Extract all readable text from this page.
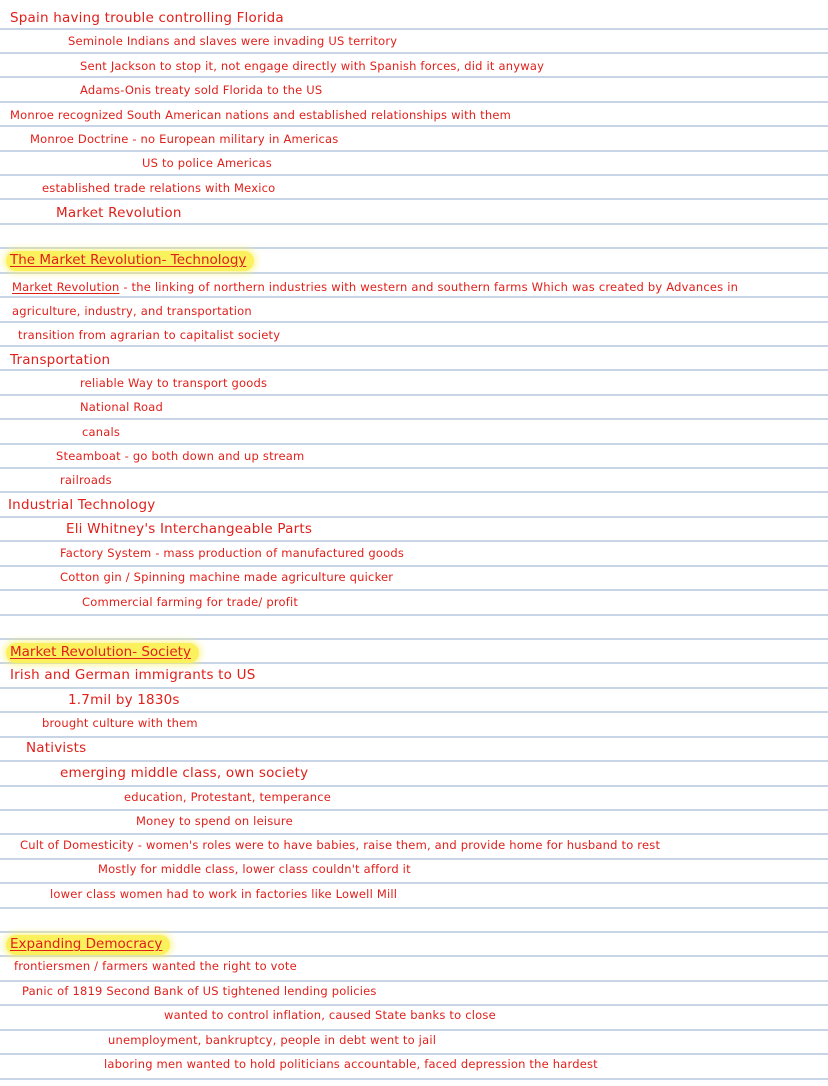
Spain having trouble controlling Florida
Seminole Indians and slaves were invading US territory
Sent Jackson to stop it, not engage directly with Spanish forces, did it anyway
Adams-Onis treaty sold Florida to the US
Monroe recognized South American nations and established relationships with them
Monroe Doctrine - no European military in Americas
US to police Americas
established trade relations with Mexico
Market Revolution
The Market Revolution- Technology
Market Revolution - the linking of northern industries with western and southern farms Which was created by Advances in
agriculture, industry, and transportation
transition from agrarian to capitalist society
Transportation
reliable Way to transport goods
National Road
canals
Steamboat - go both down and up stream
railroads
Industrial Technology
Eli Whitney's Interchangeable Parts
Factory System - mass production of manufactured goods
Cotton gin / Spinning machine made agriculture quicker
Commercial farming for trade/ profit
Market Revolution- Society
Irish and German immigrants to US
1.7mil by 1830s
brought culture with them
Nativists
emerging middle class, own society
education, Protestant, temperance
Money to spend on leisure
Cult of Domesticity - women's roles were to have babies, raise them, and provide home for husband to rest
Mostly for middle class, lower class couldn't afford it
lower class women had to work in factories like Lowell Mill
Expanding Democracy
frontiersmen / farmers wanted the right to vote
Panic of 1819 Second Bank of US tightened lending policies
wanted to control inflation, caused State banks to close
unemployment, bankruptcy, people in debt went to jail
laboring men wanted to hold politicians accountable, faced depression the hardest
